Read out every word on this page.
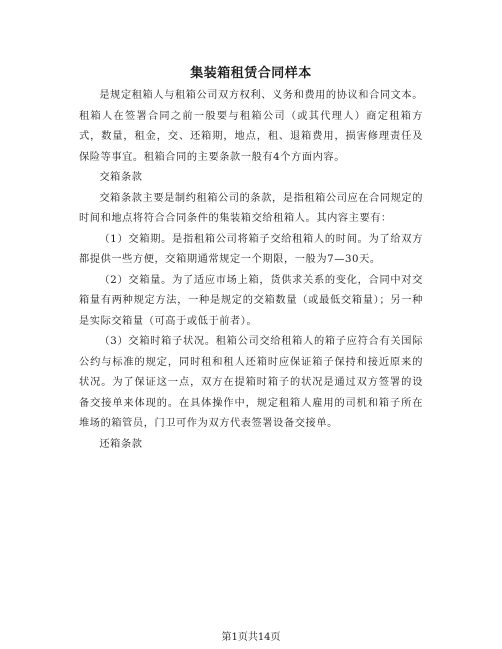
集装箱租赁合同样本

是规定租箱人与租箱公司双方权利、义务和费用的协议和合同文本。租箱人在签署合同之前一般要与租箱公司（或其代理人）商定租箱方式，数量，租金，交、还箱期，地点，租、退箱费用，损害修理责任及保险等事宜。租箱合同的主要条款一般有4个方面内容。

交箱条款

交箱条款主要是制约租箱公司的条款，是指租箱公司应在合同规定的时间和地点将符合合同条件的集装箱交给租箱人。其内容主要有：

（1）交箱期。是指租箱公司将箱子交给租箱人的时间。为了给双方都提供一些方便，交箱期通常规定一个期限，一般为7—30天。

（2）交箱量。为了适应市场上箱，货供求关系的变化，合同中对交箱量有两种规定方法，一种是规定的交箱数量（或最低交箱量）；另一种是实际交箱量（可高于或低于前者）。

（3）交箱时箱子状况。租箱公司交给租箱人的箱子应符合有关国际公约与标准的规定，同时租和租人还箱时应保证箱子保持和接近原来的状况。为了保证这一点，双方在提箱时箱子的状况是通过双方签署的设备交接单来体现的。在具体操作中，规定租箱人雇用的司机和箱子所在堆场的箱管员，门卫可作为双方代表签署设备交接单。

还箱条款

第1页共14页
